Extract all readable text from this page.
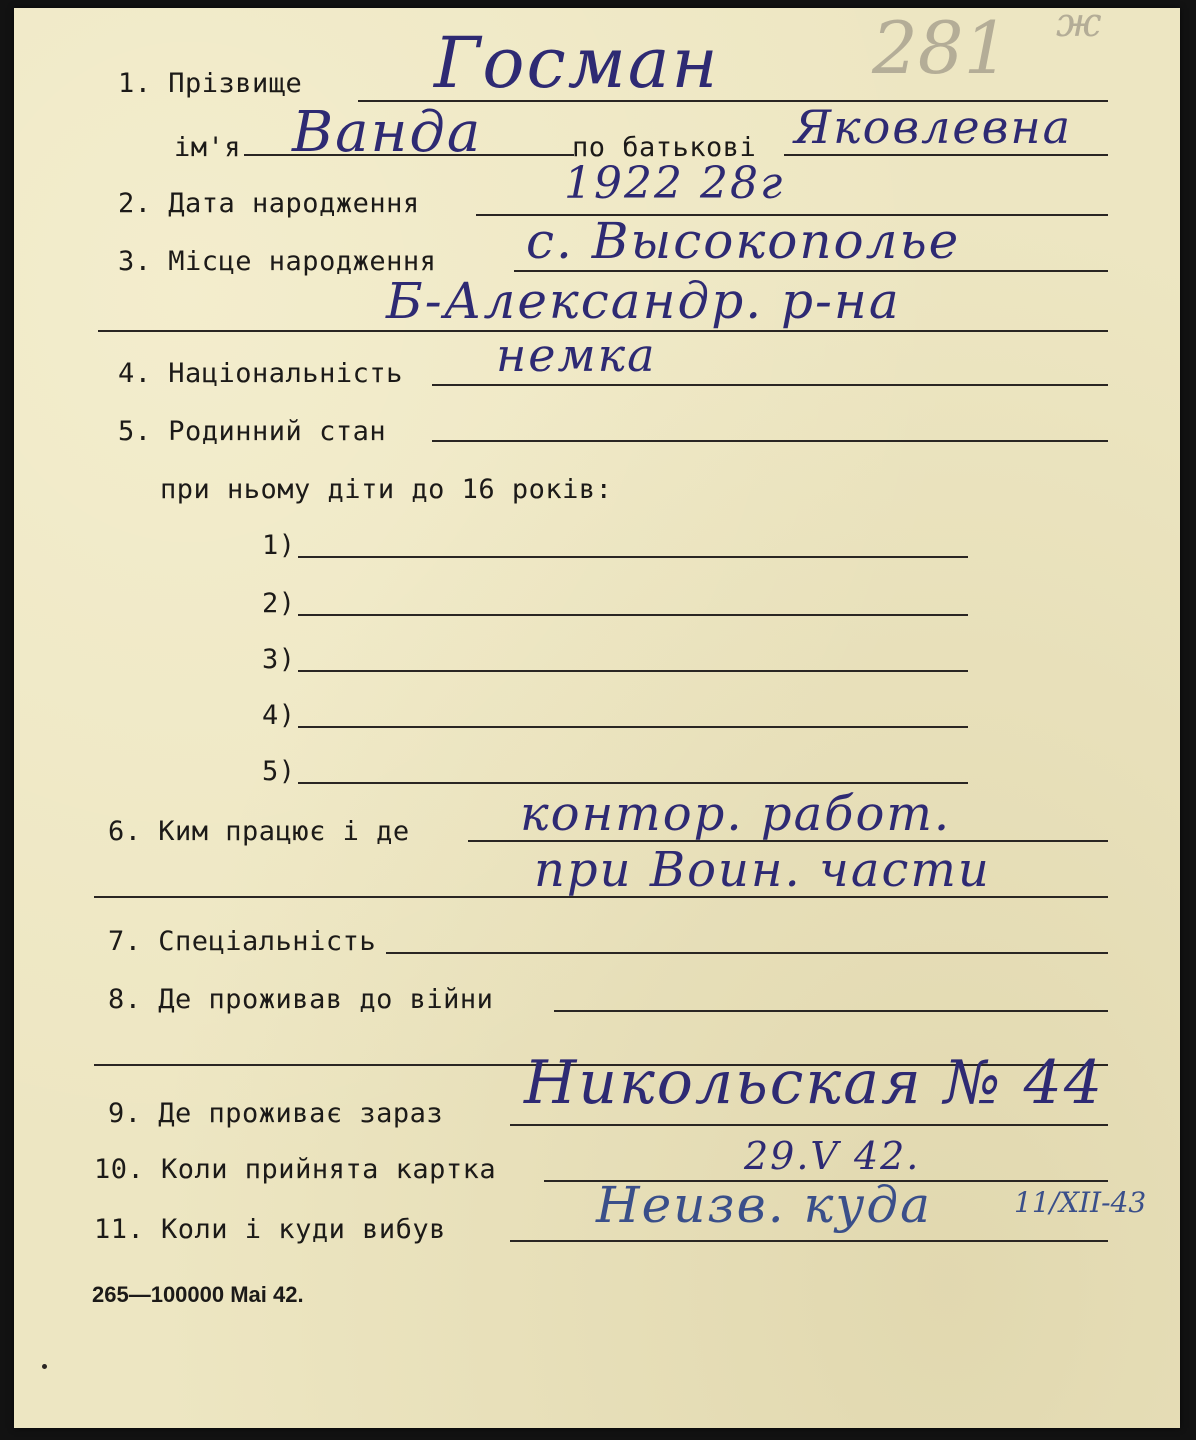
281 ж
1. Прізвище Госман
ім'я Ванда	по батькові Яковлевна
2. Дата народження	1922 28г
3. Місце народження с. Высокополье
Б-Александр. р-на
4. Національність немка
5. Родинний стан
при ньому діти до 16 років:
1)
2)
3)
4)
5)
6. Ким працює і де контор. работ.
при Воин. части
7. Спеціальність
8. Де проживав до війни
9. Де проживає зараз Никольская № 44
10. Коли прийнята картка	29.V 42.
11. Коли і куди вибув	Неизв. куда	11/XII-43
265—100000 Mai 42.
